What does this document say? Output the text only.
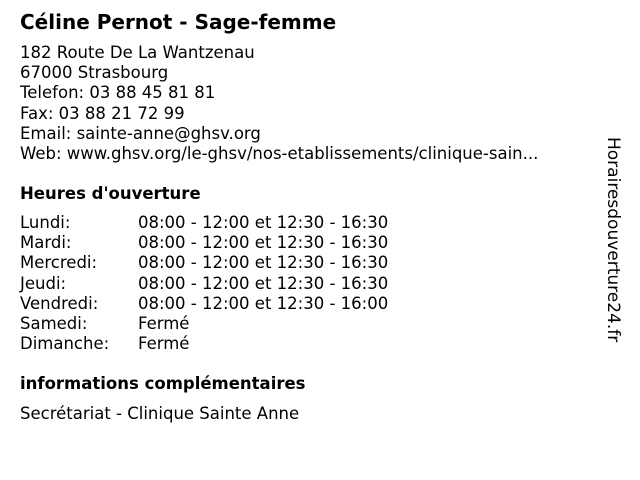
Céline Pernot - Sage-femme
182 Route De La Wantzenau
67000 Strasbourg
Telefon: 03 88 45 81 81
Fax: 03 88 21 72 99
Email: sainte-anne@ghsv.org
Web: www.ghsv.org/le-ghsv/nos-etablissements/clinique-sain...
Heures d'ouverture
Lundi:	08:00 - 12:00 et 12:30 - 16:30
Mardi:	08:00 - 12:00 et 12:30 - 16:30
Mercredi: 08:00 - 12:00 et 12:30 - 16:30
Jeudi:	08:00 - 12:00 et 12:30 - 16:30
Vendredi: 08:00 - 12:00 et 12:30 - 16:00
Samedi:	Fermé
Dimanche: Fermé
informations complémentaires
Secrétariat - Clinique Sainte Anne
Horairesdouverture24.fr
